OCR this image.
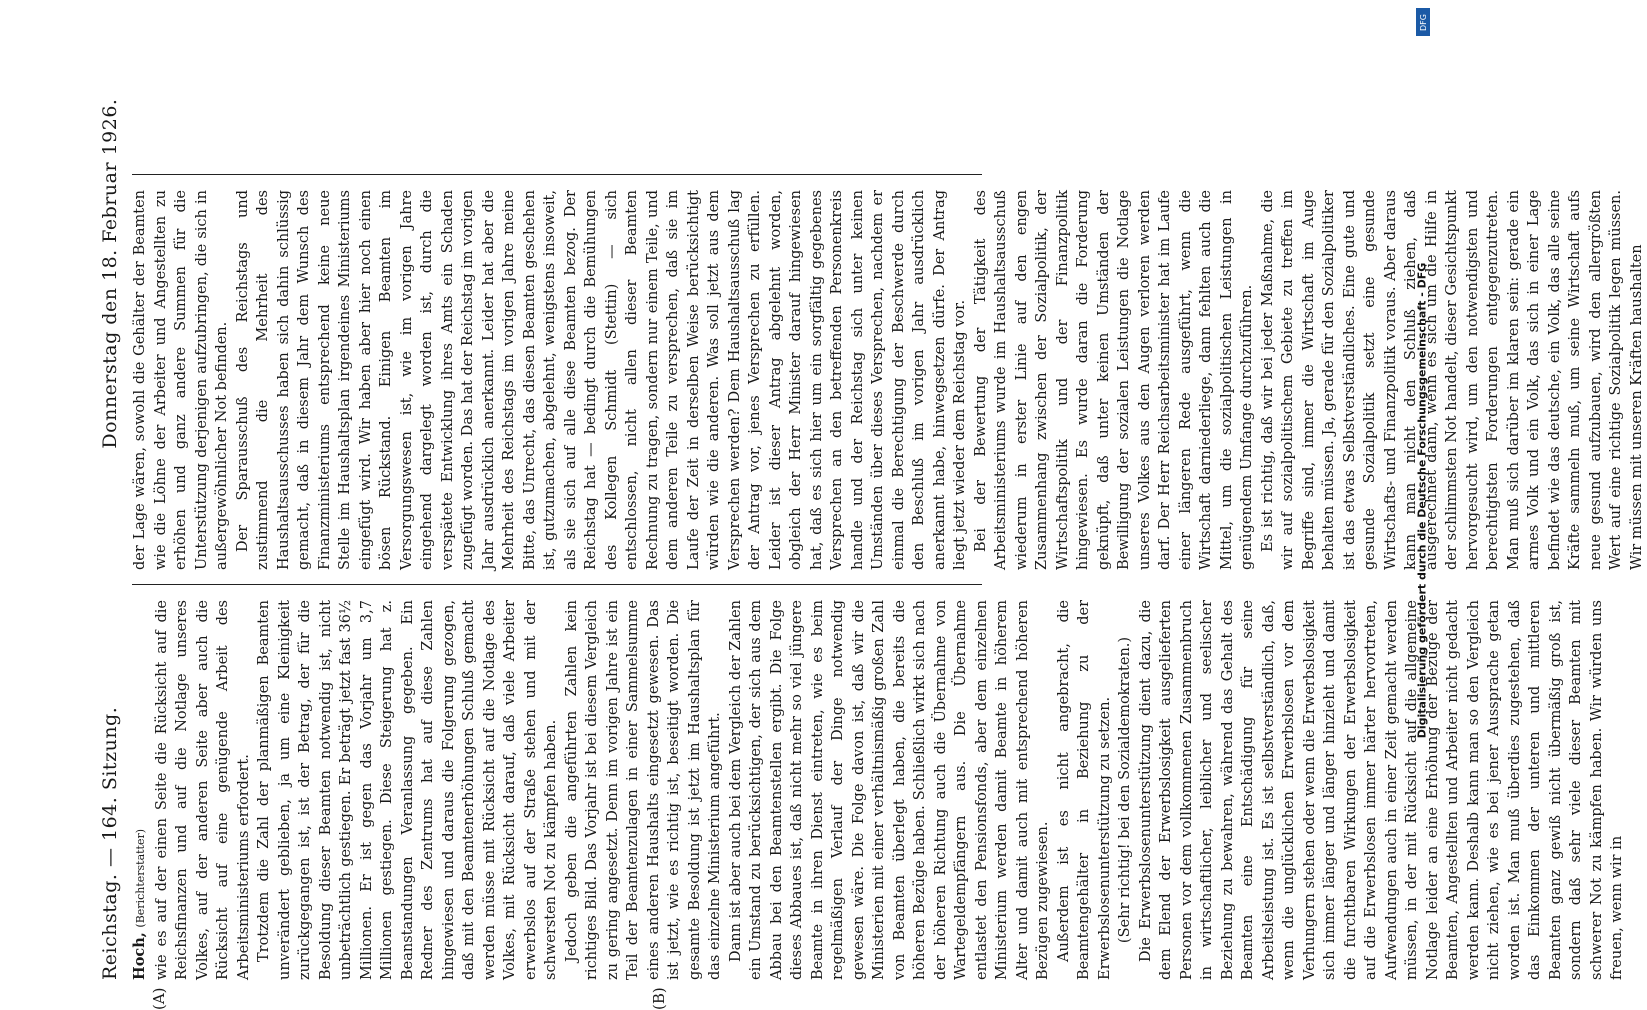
Reichstag. — 164. Sitzung.
Donnerstag den 18. Februar 1926.
(A)	(B)

Hoch, (Berichterstatter) wie es auf der einen Seite die Rücksicht auf die Reichsfinanzen und auf die Notlage unseres Volkes, auf der anderen Seite aber auch die Rücksicht auf eine genügende Arbeit des Arbeitsministeriums erfordert. Trotzdem die Zahl der planmäßigen Beamten unverändert geblieben, ja um eine Kleinigkeit zurückgegangen ist, ist der Betrag, der für die Besoldung dieser Beamten notwendig ist, nicht unbeträchtlich gestiegen. Er beträgt jetzt fast 36½ Millionen. Er ist gegen das Vorjahr um 3,7 Millionen gestiegen. Diese Steigerung hat z. Beanstandungen Veranlassung gegeben. Ein Redner des Zentrums hat auf diese Zahlen hingewiesen und daraus die Folgerung gezogen, daß mit den Beamtenerhöhungen Schluß gemacht werden müsse mit Rücksicht auf die Notlage des Volkes, mit Rücksicht darauf, daß viele Arbeiter erwerbslos auf der Straße stehen und mit der schwersten Not zu kämpfen haben. Jedoch geben die angeführten Zahlen kein richtiges Bild. Das Vorjahr ist bei diesem Vergleich zu gering angesetzt. Denn im vorigen Jahre ist ein Teil der Beamtenzulagen in einer Sammelsumme eines anderen Haushalts eingesetzt gewesen. Das ist jetzt, wie es richtig ist, beseitigt worden. Die gesamte Besoldung ist jetzt im Haushaltsplan für das einzelne Ministerium angeführt. Dann ist aber auch bei dem Vergleich der Zahlen ein Umstand zu berücksichtigen, der sich aus dem Abbau bei den Beamtenstellen ergibt. Die Folge dieses Abbaues ist, daß nicht mehr so viel jüngere Beamte in ihren Dienst eintreten, wie es beim regelmäßigen Verlauf der Dinge notwendig gewesen wäre. Die Folge davon ist, daß wir die Ministerien mit einer verhältnismäßig großen Zahl von Beamten überlegt haben, die bereits die höheren Bezüge haben. Schließlich wirkt sich nach der höheren Richtung auch die Übernahme von Wartegeldempfängern aus. Die Übernahme entlastet den Pensionsfonds, aber dem einzelnen Ministerium werden damit Beamte in höherem Alter und damit auch mit entsprechend höheren Bezügen zugewiesen. Außerdem ist es nicht angebracht, die Beamtengehälter in Beziehung zu der Erwerbslosenunterstützung zu setzen. (Sehr richtig! bei den Sozialdemokraten.) Die Erwerbslosenunterstützung dient dazu, die dem Elend der Erwerbslosigkeit ausgelieferten Personen vor dem vollkommenen Zusammenbruch in wirtschaftlicher, leiblicher und seelischer Beziehung zu bewahren, während das Gehalt des Beamten eine Entschädigung für seine Arbeitsleistung ist. Es ist selbstverständlich, daß, wenn die unglücklichen Erwerbslosen vor dem Verhungern stehen oder wenn die Erwerbslosigkeit sich immer länger und länger hinzieht und damit die furchtbaren Wirkungen der Erwerbslosigkeit auf die Erwerbslosen immer härter hervortreten, Aufwendungen auch in einer Zeit gemacht werden müssen, in der mit Rücksicht auf die allgemeine Notlage leider an eine Erhöhung der Bezüge der Beamten, Angestellten und Arbeiter nicht gedacht werden kann. Deshalb kann man so den Vergleich nicht ziehen, wie es bei jener Aussprache getan worden ist. Man muß überdies zugestehen, daß das Einkommen der unteren und mittleren Beamten ganz gewiß nicht übermäßig groß ist, sondern daß sehr viele dieser Beamten mit schwerer Not zu kämpfen haben. Wir würden uns freuen, wenn wir in

der Lage wären, sowohl die Gehälter der Beamten wie die Löhne der Arbeiter und Angestellten zu erhöhen und ganz andere Summen für die Unterstützung derjenigen aufzubringen, die sich in außergewöhnlicher Not befinden. Der Sparausschuß des Reichstags und zustimmend die Mehrheit des Haushaltsausschusses haben sich dahin schlüssig gemacht, daß in diesem Jahr dem Wunsch des Finanzministeriums entsprechend keine neue Stelle im Haushaltsplan irgendeines Ministeriums eingefügt wird. Wir haben aber hier noch einen bösen Rückstand. Einigen Beamten im Versorgungswesen ist, wie im vorigen Jahre eingehend dargelegt worden ist, durch die verspätete Entwicklung ihres Amts ein Schaden zugefügt worden. Das hat der Reichstag im vorigen Jahr ausdrücklich anerkannt. Leider hat aber die Mehrheit des Reichstags im vorigen Jahre meine Bitte, das Unrecht, das diesen Beamten geschehen ist, gutzumachen, abgelehnt, wenigstens insoweit, als sie sich auf alle diese Beamten bezog. Der Reichstag hat — bedingt durch die Bemühungen des Kollegen Schmidt (Stettin) — sich entschlossen, nicht allen dieser Beamten Rechnung zu tragen, sondern nur einem Teile, und dem anderen Teile zu versprechen, daß sie im Laufe der Zeit in derselben Weise berücksichtigt würden wie die anderen. Was soll jetzt aus dem Versprechen werden? Dem Haushaltsausschuß lag der Antrag vor, jenes Versprechen zu erfüllen. Leider ist dieser Antrag abgelehnt worden, obgleich der Herr Minister darauf hingewiesen hat, daß es sich hier um ein sorgfältig gegebenes Versprechen an den betreffenden Personenkreis handle und der Reichstag sich unter keinen Umständen über dieses Versprechen, nachdem er einmal die Berechtigung der Beschwerde durch den Beschluß im vorigen Jahr ausdrücklich anerkannt habe, hinwegsetzen dürfe. Der Antrag liegt jetzt wieder dem Reichstag vor. Bei der Bewertung der Tätigkeit des Arbeitsministeriums wurde im Haushaltsausschuß wiederum in erster Linie auf den engen Zusammenhang zwischen der Sozialpolitik, der Wirtschaftspolitik und der Finanzpolitik hingewiesen. Es wurde daran die Forderung geknüpft, daß unter keinen Umständen der Bewilligung der sozialen Leistungen die Notlage unseres Volkes aus den Augen verloren werden darf. Der Herr Reichsarbeitsminister hat im Laufe einer längeren Rede ausgeführt, wenn die Wirtschaft darniederliege, dann fehlten auch die Mittel, um die sozialpolitischen Leistungen in genügendem Umfange durchzuführen. Es ist richtig, daß wir bei jeder Maßnahme, die wir auf sozialpolitischem Gebiete zu treffen im Begriffe sind, immer die Wirtschaft im Auge behalten müssen. Ja, gerade für den Sozialpolitiker ist das etwas Selbstverständliches. Eine gute und gesunde Sozialpolitik setzt eine gesunde Wirtschafts- und Finanzpolitik voraus. Aber daraus kann man nicht den Schluß ziehen, daß ausgerechnet dann, wenn es sich um die Hilfe in der schlimmsten Not handelt, dieser Gesichtspunkt hervorgesucht wird, um den notwendigsten und berechtigtsten Forderungen entgegenzutreten. Man muß sich darüber im klaren sein: gerade ein armes Volk und ein Volk, das sich in einer Lage befindet wie das deutsche, ein Volk, das alle seine Kräfte sammeln muß, um seine Wirtschaft aufs neue gesund aufzubauen, wird den allergrößten Wert auf eine richtige Sozialpolitik legen müssen. Wir müssen mit unseren Kräften haushalten

DFG
Digitalisierung gefördert durch die Deutsche Forschungsgemeinschaft - DFG
